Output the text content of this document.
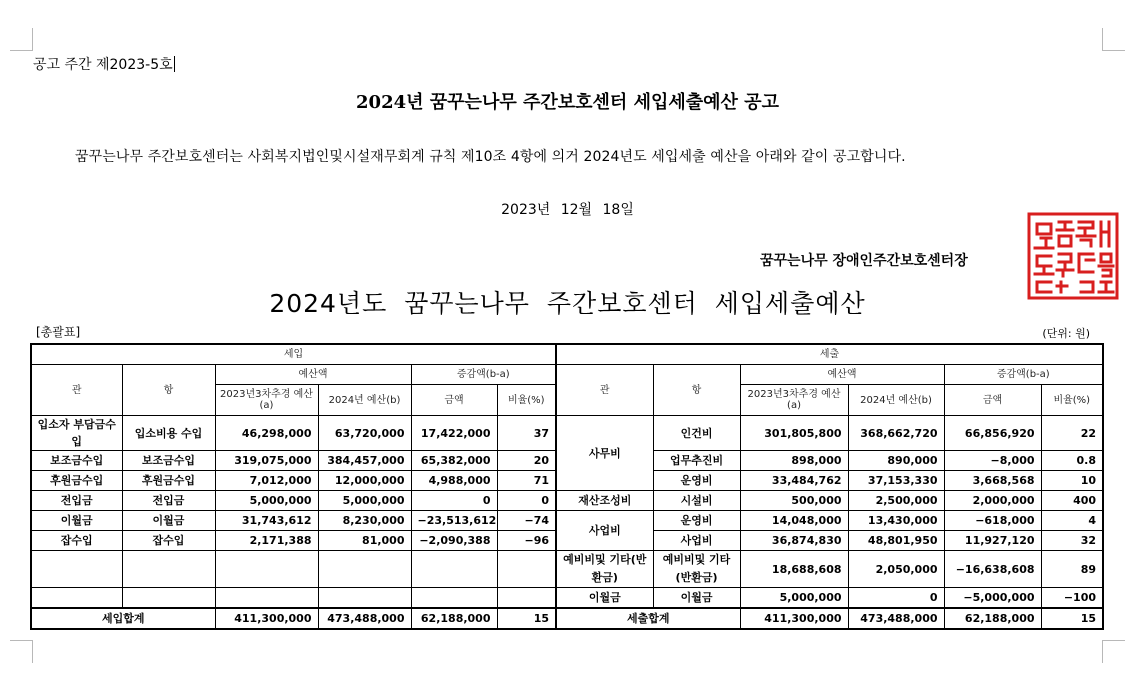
공고 주간 제2023-5호
2024년 꿈꾸는나무 주간보호센터 세입세출예산 공고
꿈꾸는나무 주간보호센터는 사회복지법인및시설재무회계 규칙 제10조 4항에 의거 2024년도 세입세출 예산을 아래와 같이 공고합니다.
2023년 12월 18일
꿈꾸는나무 장애인주간보호센터장
2024년도 꿈꾸는나무 주간보호센터 세입세출예산
[총괄표]	(단위: 원)
세입						세출					
관	항	예산액		증감액(b-a)		관	항	예산액		증감액(b-a)	
		2023년3차추경 예산(a)	2024년 예산(b)	금액	비율(%)			2023년3차추경 예산(a)	2024년 예산(b)	금액	비율(%)
입소자 부담금수입	입소비용 수입	46,298,000	63,720,000	17,422,000	37	사무비	인건비	301,805,800	368,662,720	66,856,920	22
보조금수입	보조금수입	319,075,000	384,457,000	65,382,000	20		업무추진비	898,000	890,000	−8,000	0.8
후원금수입	후원금수입	7,012,000	12,000,000	4,988,000	71		운영비	33,484,762	37,153,330	3,668,568	10
전입금	전입금	5,000,000	5,000,000	0	0	재산조성비	시설비	500,000	2,500,000	2,000,000	400
이월금	이월금	31,743,612	8,230,000	−23,513,612	−74	사업비	운영비	14,048,000	13,430,000	−618,000	4
잡수입	잡수입	2,171,388	81,000	−2,090,388	−96		사업비	36,874,830	48,801,950	11,927,120	32
						예비비및 기타(반환금)	예비비및 기타(반환금)	18,688,608	2,050,000	−16,638,608	89
						이월금	이월금	5,000,000	0	−5,000,000	−100
세입합계		411,300,000	473,488,000	62,188,000	15	세출합계		411,300,000	473,488,000	62,188,000	15
